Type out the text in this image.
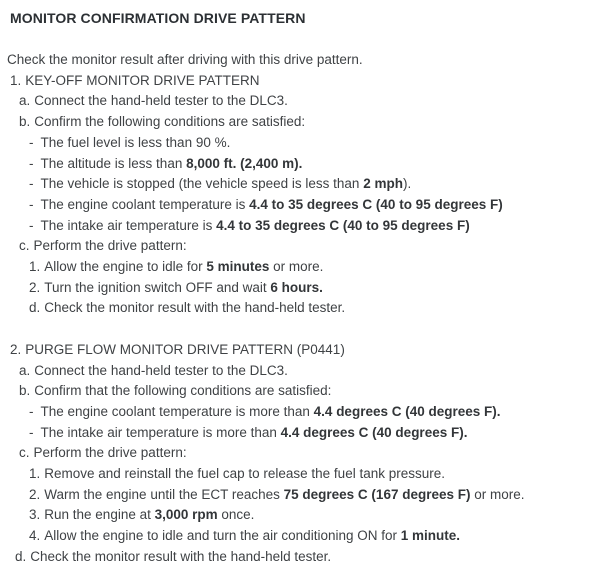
MONITOR CONFIRMATION DRIVE PATTERN
Check the monitor result after driving with this drive pattern.
1. KEY-OFF MONITOR DRIVE PATTERN
a. Connect the hand-held tester to the DLC3.
b. Confirm the following conditions are satisfied:
- The fuel level is less than 90 %.
- The altitude is less than 8,000 ft. (2,400 m).
- The vehicle is stopped (the vehicle speed is less than 2 mph).
- The engine coolant temperature is 4.4 to 35 degrees C (40 to 95 degrees F)
- The intake air temperature is 4.4 to 35 degrees C (40 to 95 degrees F)
c. Perform the drive pattern:
1. Allow the engine to idle for 5 minutes or more.
2. Turn the ignition switch OFF and wait 6 hours.
d. Check the monitor result with the hand-held tester.
2. PURGE FLOW MONITOR DRIVE PATTERN (P0441)
a. Connect the hand-held tester to the DLC3.
b. Confirm that the following conditions are satisfied:
- The engine coolant temperature is more than 4.4 degrees C (40 degrees F).
- The intake air temperature is more than 4.4 degrees C (40 degrees F).
c. Perform the drive pattern:
1. Remove and reinstall the fuel cap to release the fuel tank pressure.
2. Warm the engine until the ECT reaches 75 degrees C (167 degrees F) or more.
3. Run the engine at 3,000 rpm once.
4. Allow the engine to idle and turn the air conditioning ON for 1 minute.
d. Check the monitor result with the hand-held tester.
